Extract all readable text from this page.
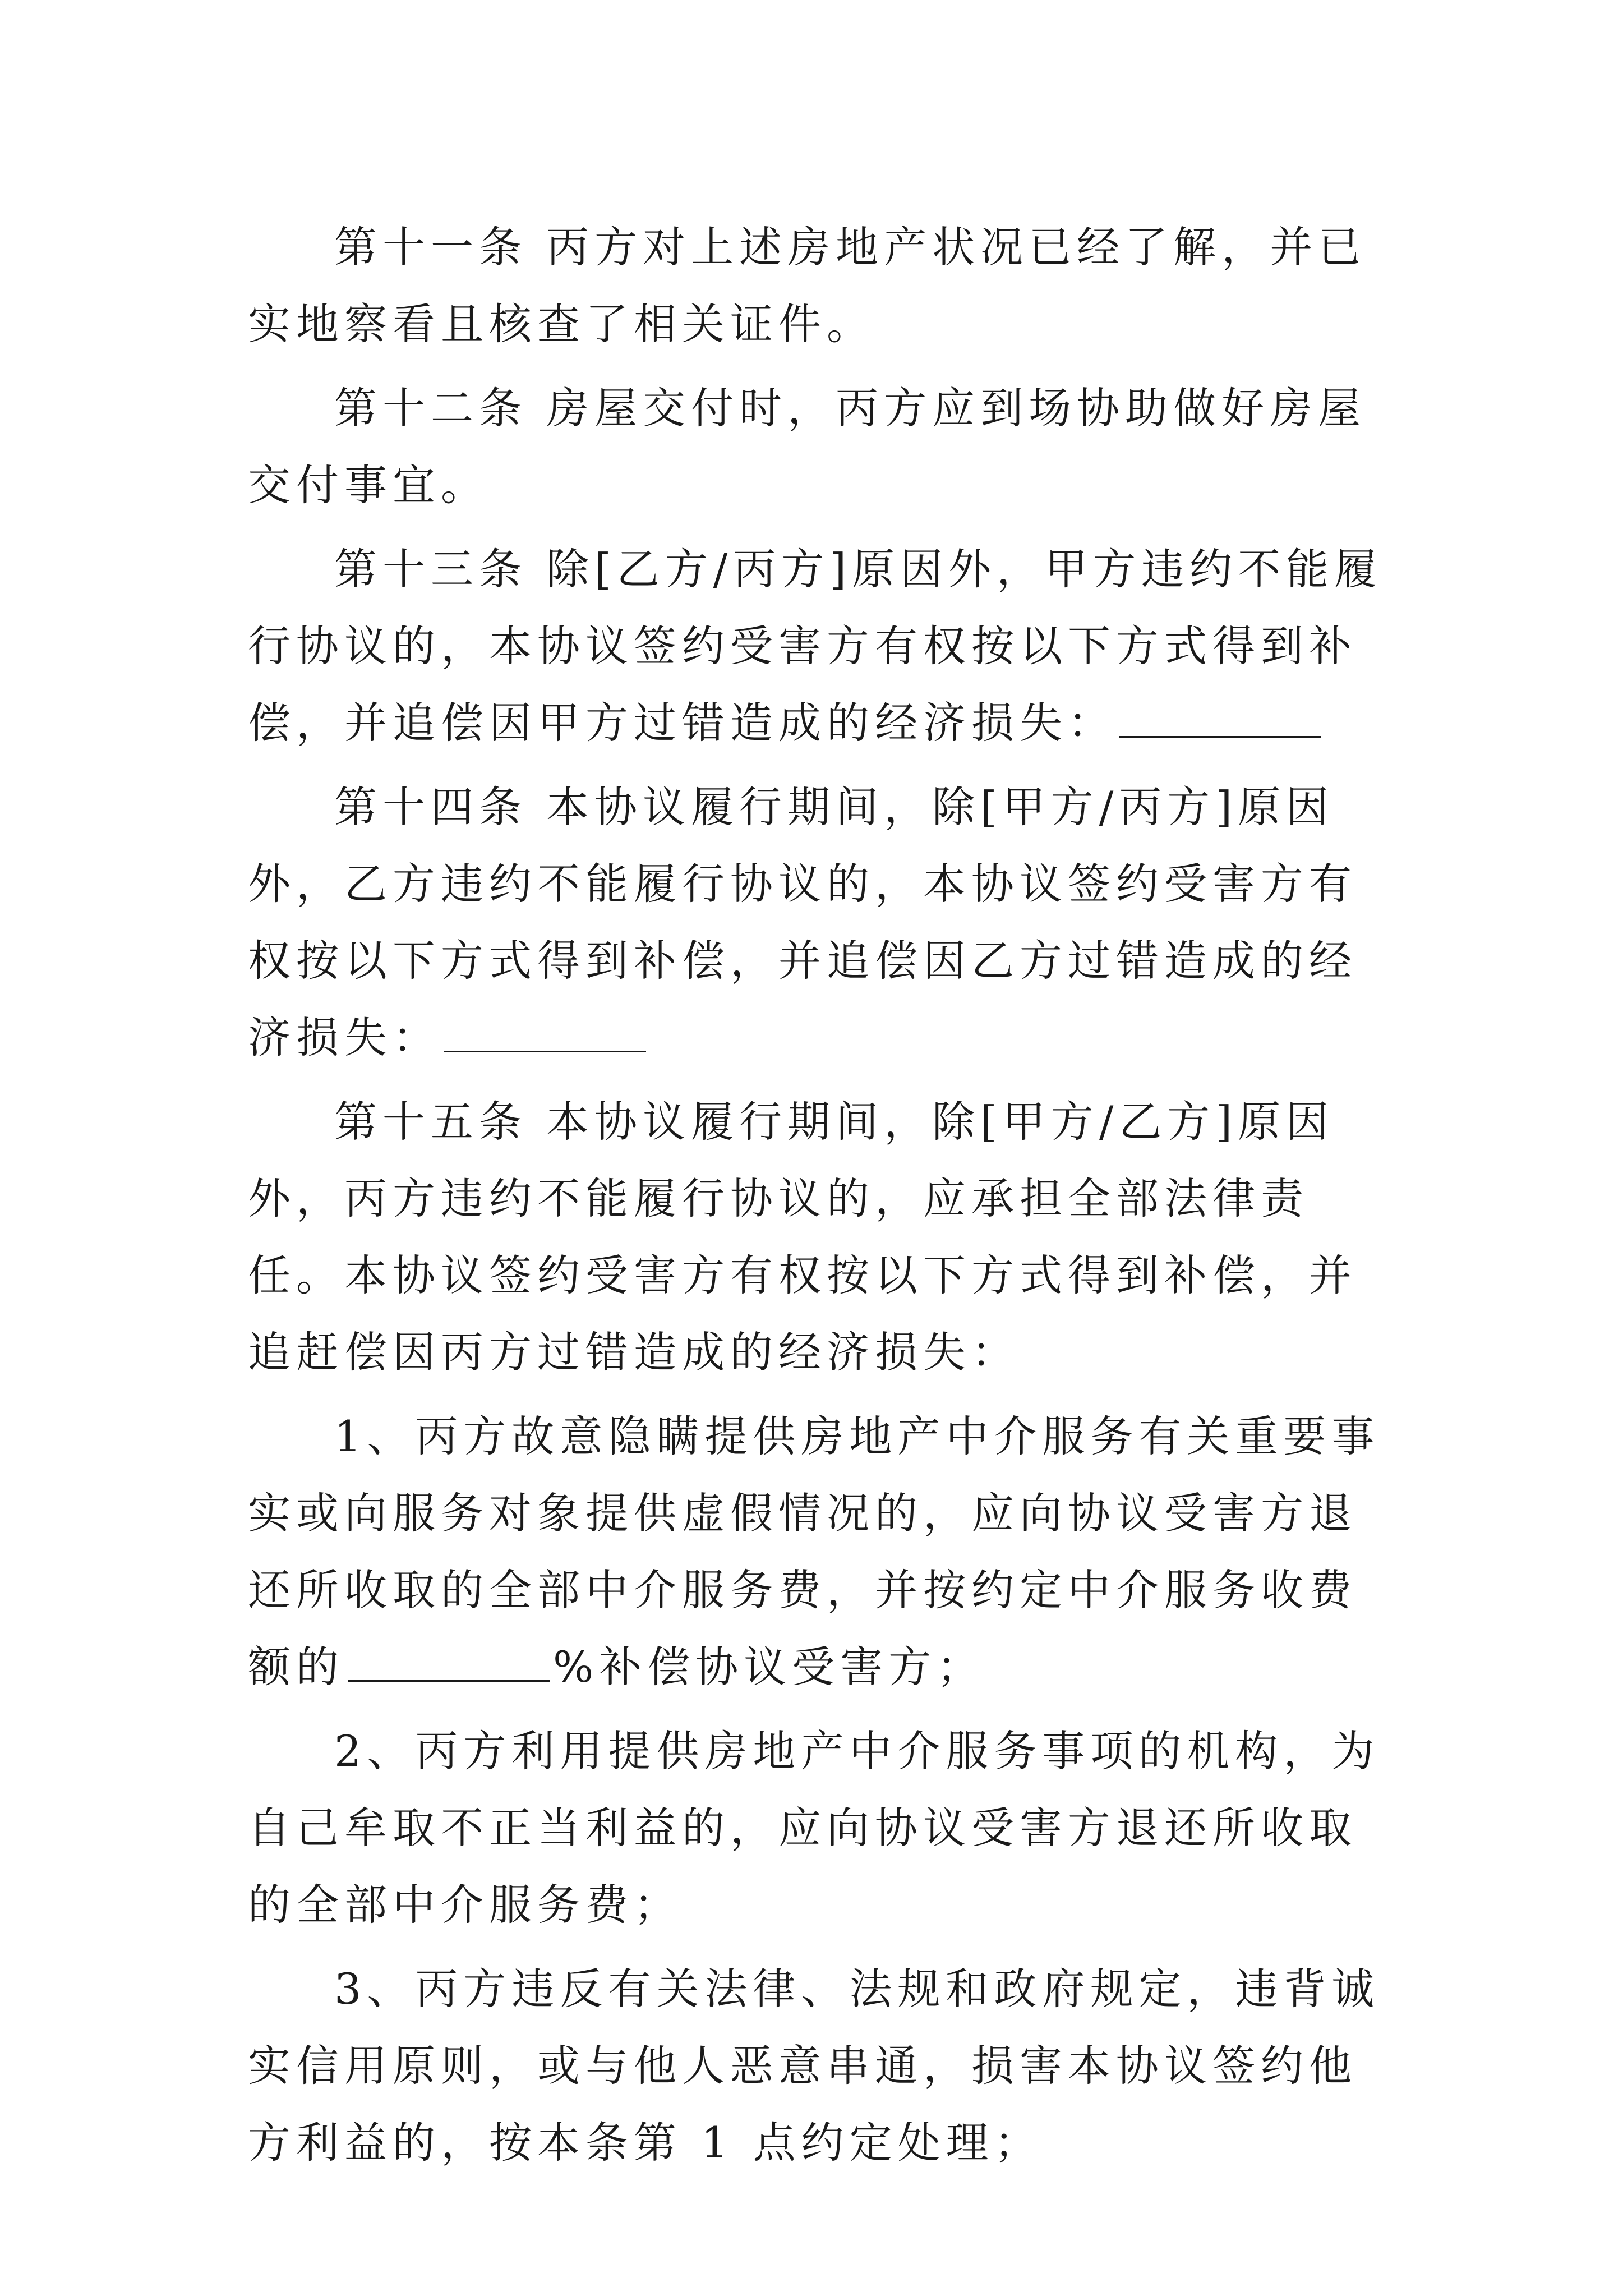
第十一条 丙方对上述房地产状况已经了解，并已实地察看且核查了相关证件。

第十二条 房屋交付时，丙方应到场协助做好房屋交付事宜。

第十三条 除[乙方/丙方]原因外，甲方违约不能履行协议的，本协议签约受害方有权按以下方式得到补偿，并追偿因甲方过错造成的经济损失：

第十四条 本协议履行期间，除[甲方/丙方]原因外，乙方违约不能履行协议的，本协议签约受害方有权按以下方式得到补偿，并追偿因乙方过错造成的经济损失：

第十五条 本协议履行期间，除[甲方/乙方]原因外，丙方违约不能履行协议的，应承担全部法律责任。本协议签约受害方有权按以下方式得到补偿，并追赶偿因丙方过错造成的经济损失：

1、丙方故意隐瞒提供房地产中介服务有关重要事实或向服务对象提供虚假情况的，应向协议受害方退还所收取的全部中介服务费，并按约定中介服务收费额的	%补偿协议受害方；

2、丙方利用提供房地产中介服务事项的机构，为自己牟取不正当利益的，应向协议受害方退还所收取的全部中介服务费；

3、丙方违反有关法律、法规和政府规定，违背诚实信用原则，或与他人恶意串通，损害本协议签约他方利益的，按本条第 1 点约定处理；
